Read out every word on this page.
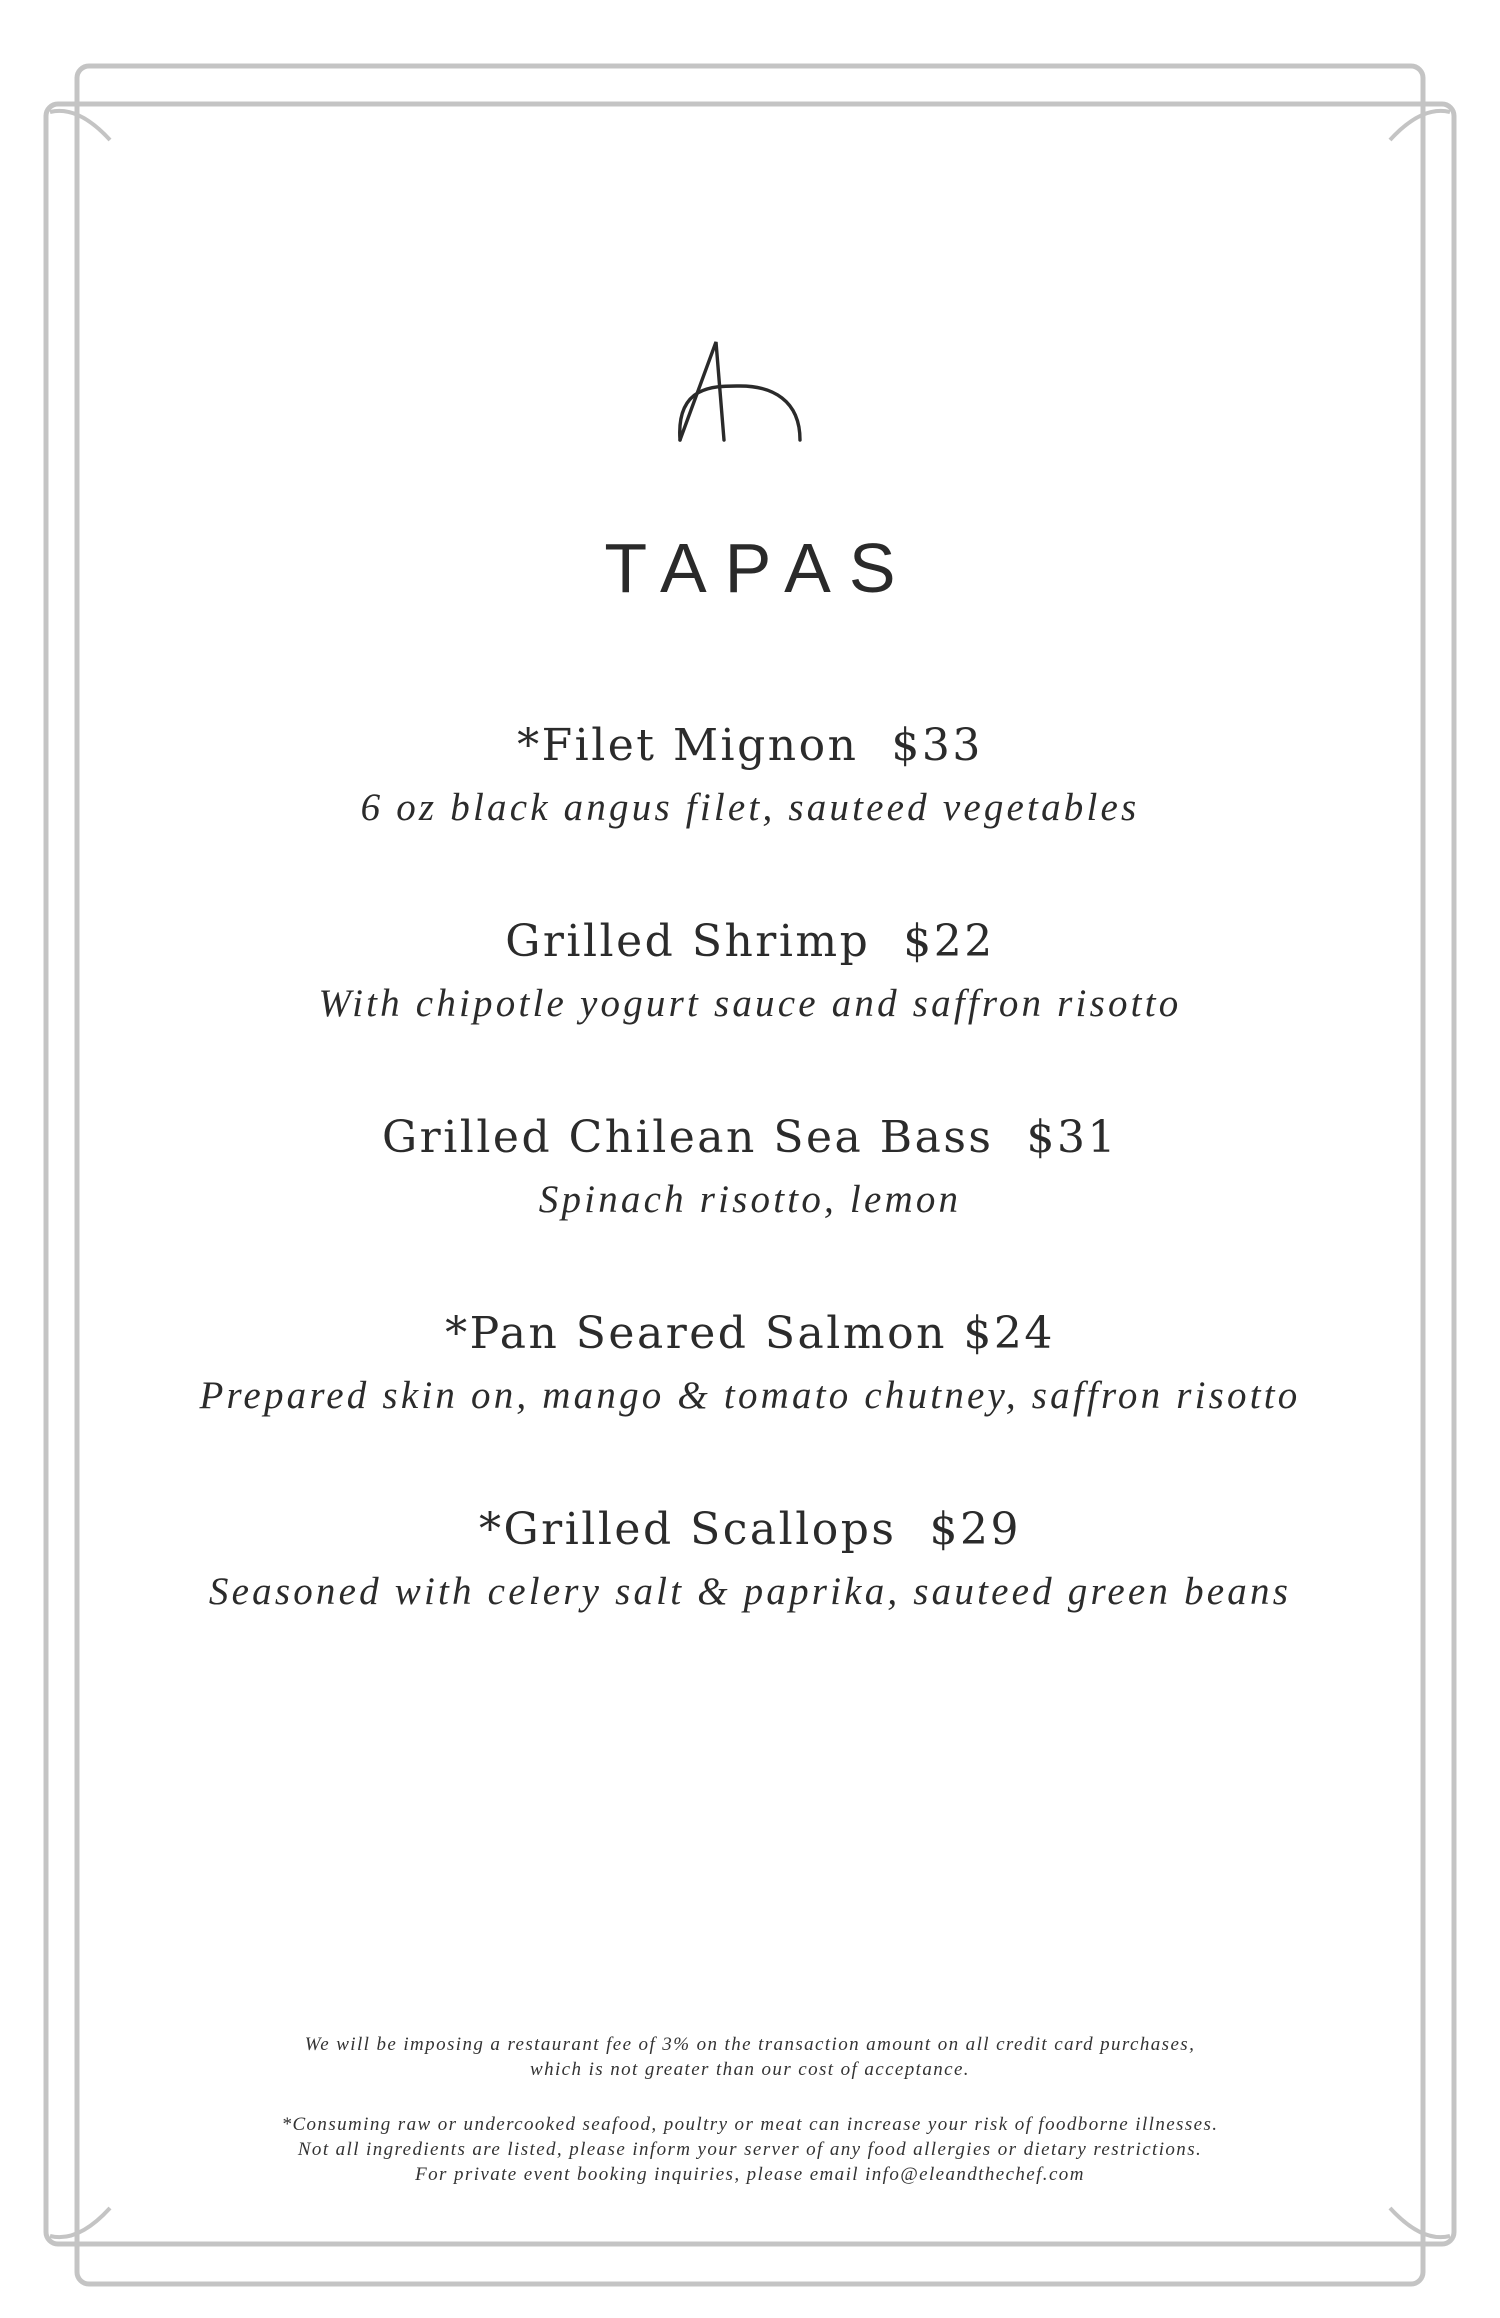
TAPAS
*Filet Mignon  $33
6 oz black angus filet, sauteed vegetables
Grilled Shrimp  $22
With chipotle yogurt sauce and saffron risotto
Grilled Chilean Sea Bass  $31
Spinach risotto, lemon
*Pan Seared Salmon $24
Prepared skin on, mango & tomato chutney, saffron risotto
*Grilled Scallops  $29
Seasoned with celery salt & paprika, sauteed green beans

We will be imposing a restaurant fee of 3% on the transaction amount on all credit card purchases,

which is not greater than our cost of acceptance.

*Consuming raw or undercooked seafood, poultry or meat can increase your risk of foodborne illnesses.

Not all ingredients are listed, please inform your server of any food allergies or dietary restrictions.

For private event booking inquiries, please email info@eleandthechef.com
